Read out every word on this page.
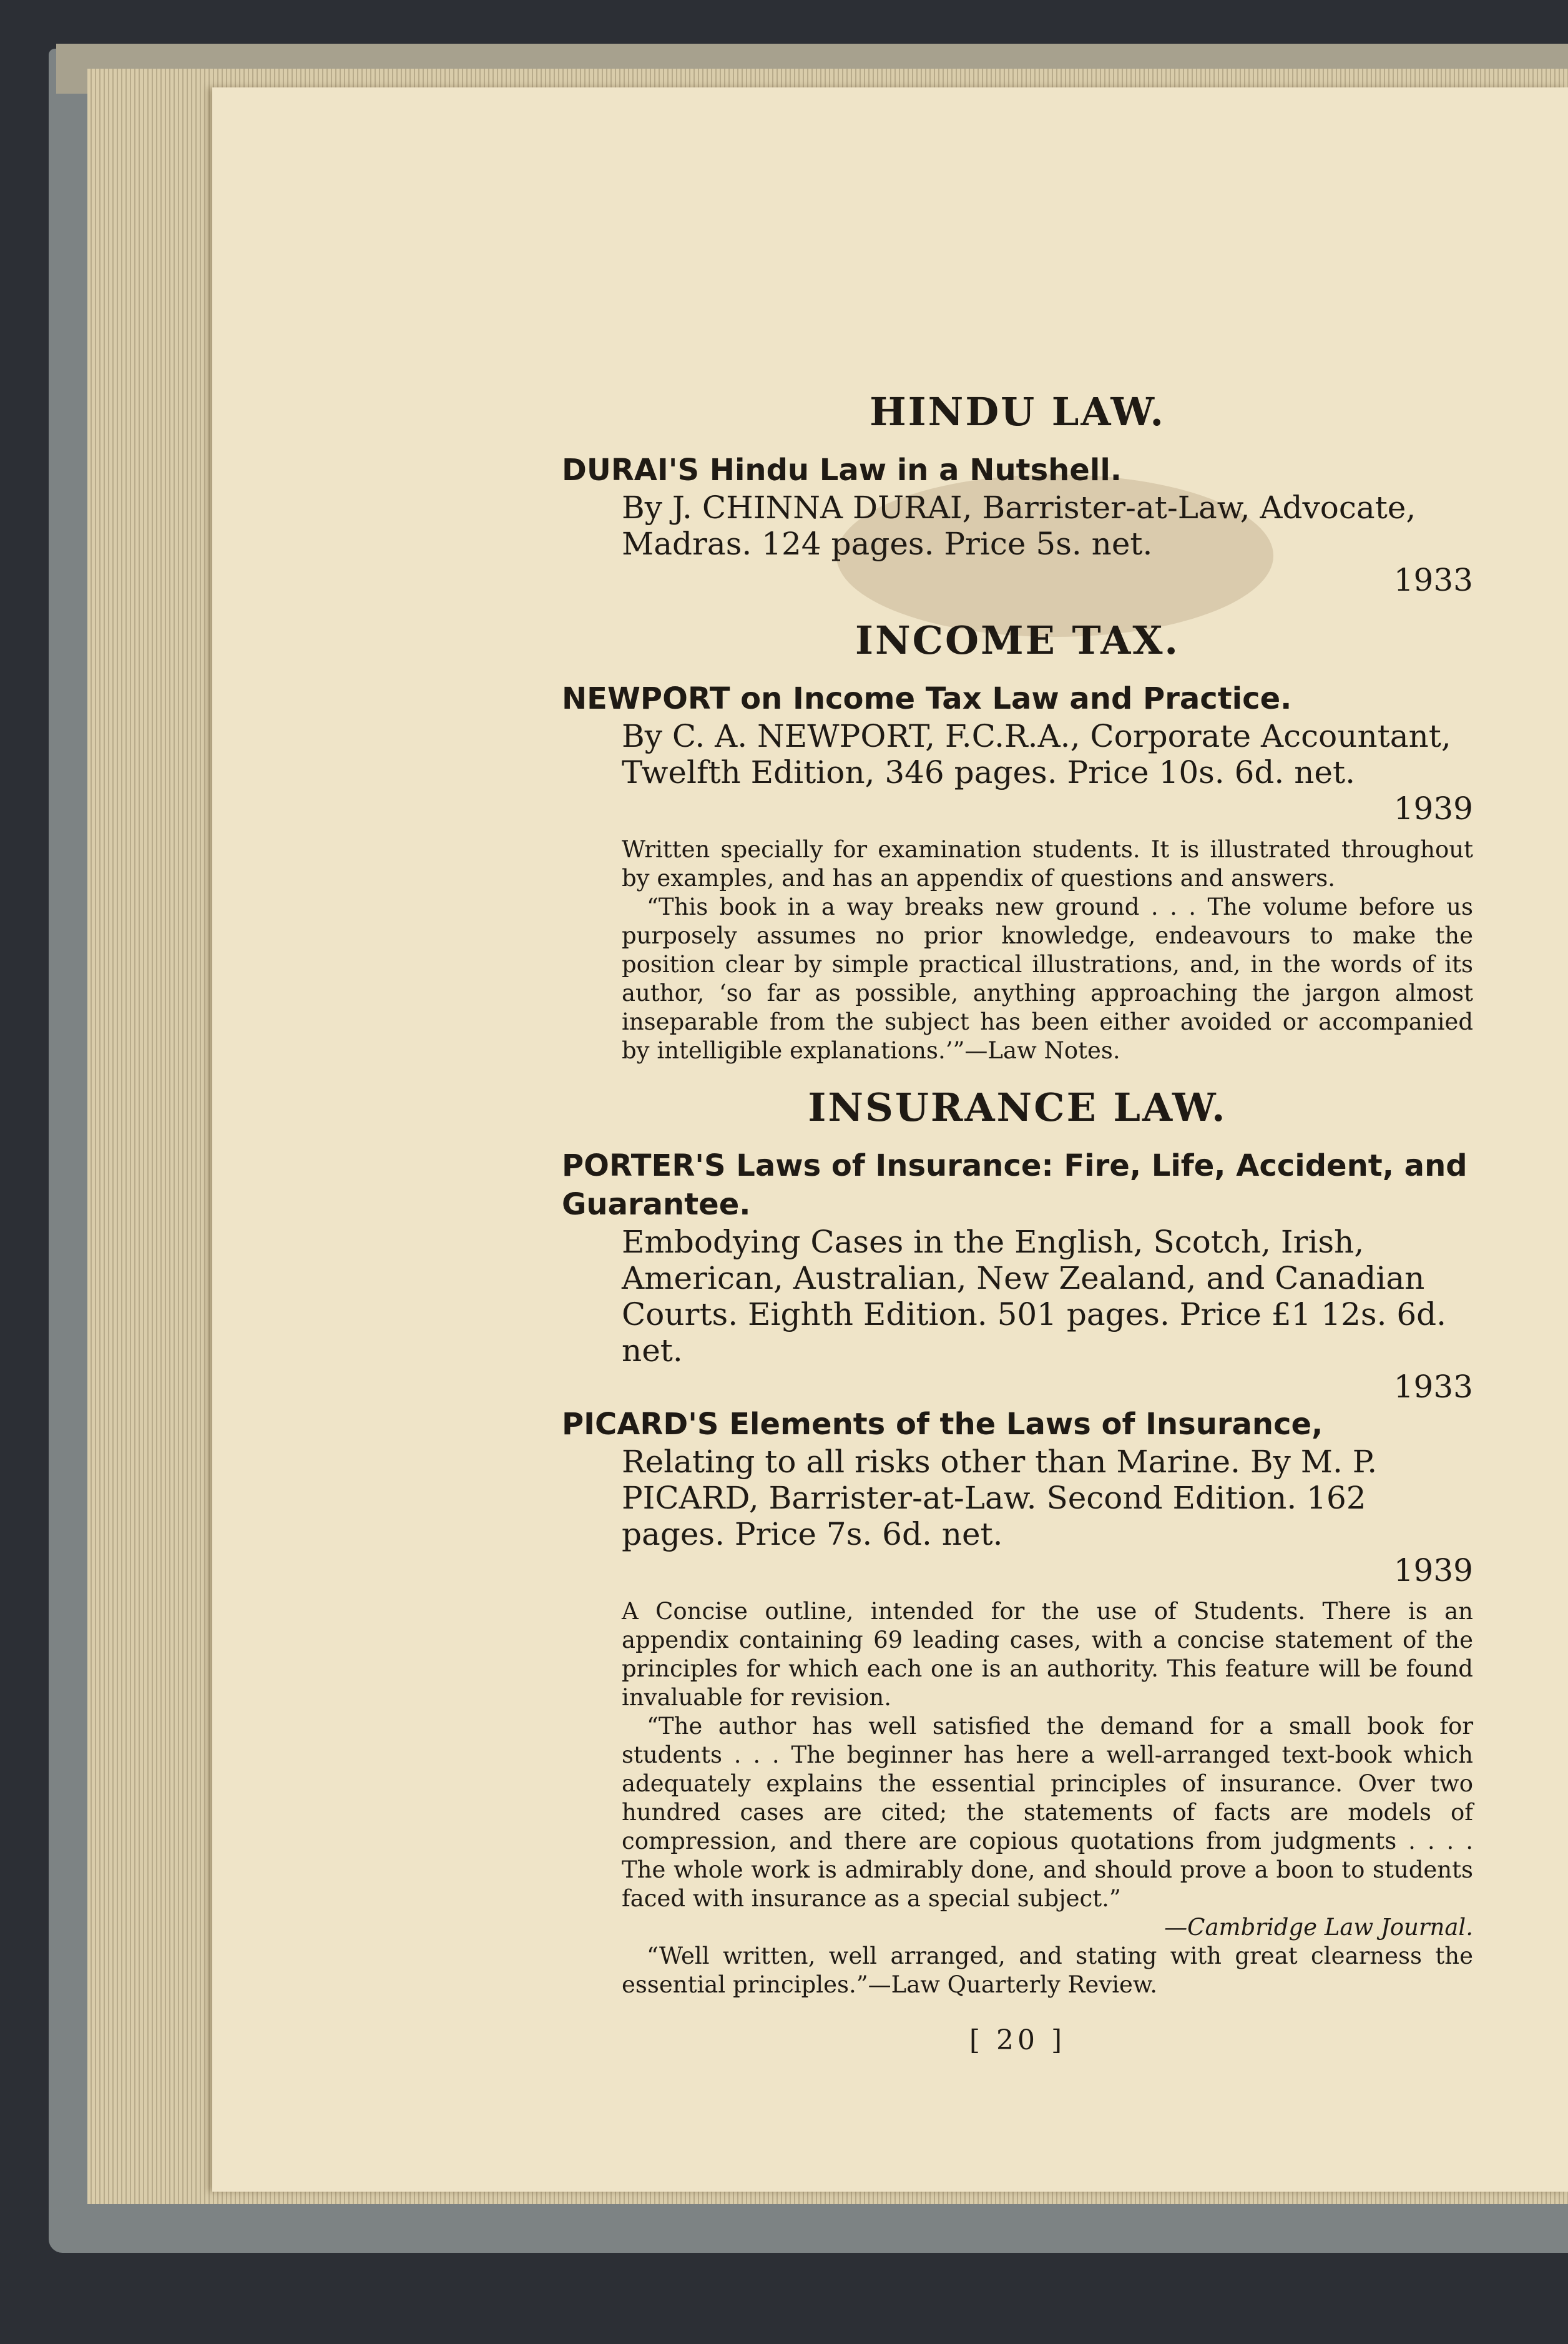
HINDU LAW.

DURAI'S Hindu Law in a Nutshell.

By J. CHINNA DURAI, Barrister-at-Law, Advocate, Madras. 124 pages. Price 5s. net.

1933

INCOME TAX.

NEWPORT on Income Tax Law and Practice.

By C. A. NEWPORT, F.C.R.A., Corporate Accountant, Twelfth Edition, 346 pages. Price 10s. 6d. net.

1939

Written specially for examination students. It is illustrated throughout by examples, and has an appendix of questions and answers.

“This book in a way breaks new ground . . . The volume before us purposely assumes no prior knowledge, endeavours to make the position clear by simple practical illustrations, and, in the words of its author, ‘so far as possible, anything approaching the jargon almost inseparable from the subject has been either avoided or accompanied by intelligible explanations.’”—Law Notes.

INSURANCE LAW.

PORTER'S Laws of Insurance: Fire, Life, Accident, and Guarantee.

Embodying Cases in the English, Scotch, Irish, American, Australian, New Zealand, and Canadian Courts. Eighth Edition. 501 pages. Price £1 12s. 6d. net.

1933

PICARD'S Elements of the Laws of Insurance,

Relating to all risks other than Marine. By M. P. PICARD, Barrister-at-Law. Second Edition. 162 pages. Price 7s. 6d. net.

1939

A Concise outline, intended for the use of Students. There is an appendix containing 69 leading cases, with a concise statement of the principles for which each one is an authority. This feature will be found invaluable for revision.

“The author has well satisfied the demand for a small book for students . . . The beginner has here a well-arranged text-book which adequately explains the essential principles of insurance. Over two hundred cases are cited; the statements of facts are models of compression, and there are copious quotations from judgments . . . . The whole work is admirably done, and should prove a boon to students faced with insurance as a special subject.”

—Cambridge Law Journal.

“Well written, well arranged, and stating with great clearness the essential principles.”—Law Quarterly Review.

[ 20 ]
